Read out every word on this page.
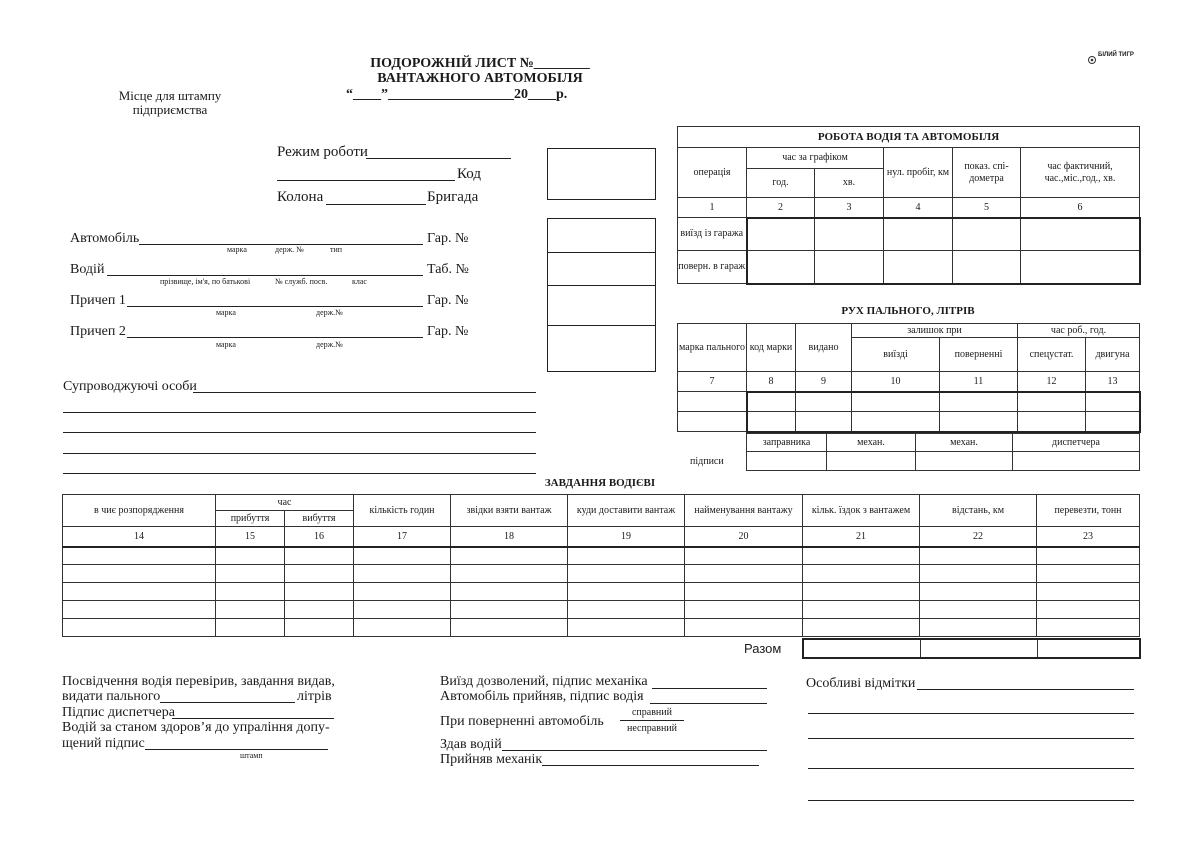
ПОДОРОЖНІЙ ЛИСТ №________
ВАНТАЖНОГО АВТОМОБІЛЯ
“____”__________________20____р.
Місце для штампу
підприємства
БІЛИЙ ТИГР
Режим роботи
Код
Колона	Бригада
Автомобіль	Гар. №
марка	держ. №	тип
Водій	Таб. №
прізвище, ім'я, по батькові	№ служб. посв.	клас
Причеп 1	Гар. №
марка	держ.№
Причеп 2	Гар. №
марка	держ.№
Супроводжуючі особи
РОБОТА ВОДІЯ ТА АВТОМОБІЛЯ					
операція	час за графіком		нул. пробіг, км	показ. спі-дометра	час фактичний, час.,міс.,год., хв.
	год.	хв.			
1	2	3	4	5	6
виїзд із гаража					
поверн. в гараж					
РУХ ПАЛЬНОГО, ЛІТРІВ
марка пального	код марки	видано	залишок при		час роб., год.	
			виїзді	поверненні	спецустат.	двигуна
7	8	9	10	11	12	13

підписи
заправника	механ.	механ.	диспетчера

ЗАВДАННЯ ВОДІЄВІ
в чиє розпорядження	час		кількість годин	звідки взяти вантаж	куди доставити вантаж	найменування вантажу	кільк. їздок з вантажем	відстань, км	перевезти, тонн
	прибуття	вибуття							
14	15	16	17	18	19	20	21	22	23

Разом

Посвідчення водія перевірив, завдання видав,
видати пального	літрів
Підпис диспетчера
Водій за станом здоров’я до упраління допу-
щений підпис
штамп
Виїзд дозволений, підпис механіка
Автомобіль прийняв, підпис водія
При поверненні автомобіль
справний
несправний
Здав водій
Прийняв механік
Особливі відмітки
